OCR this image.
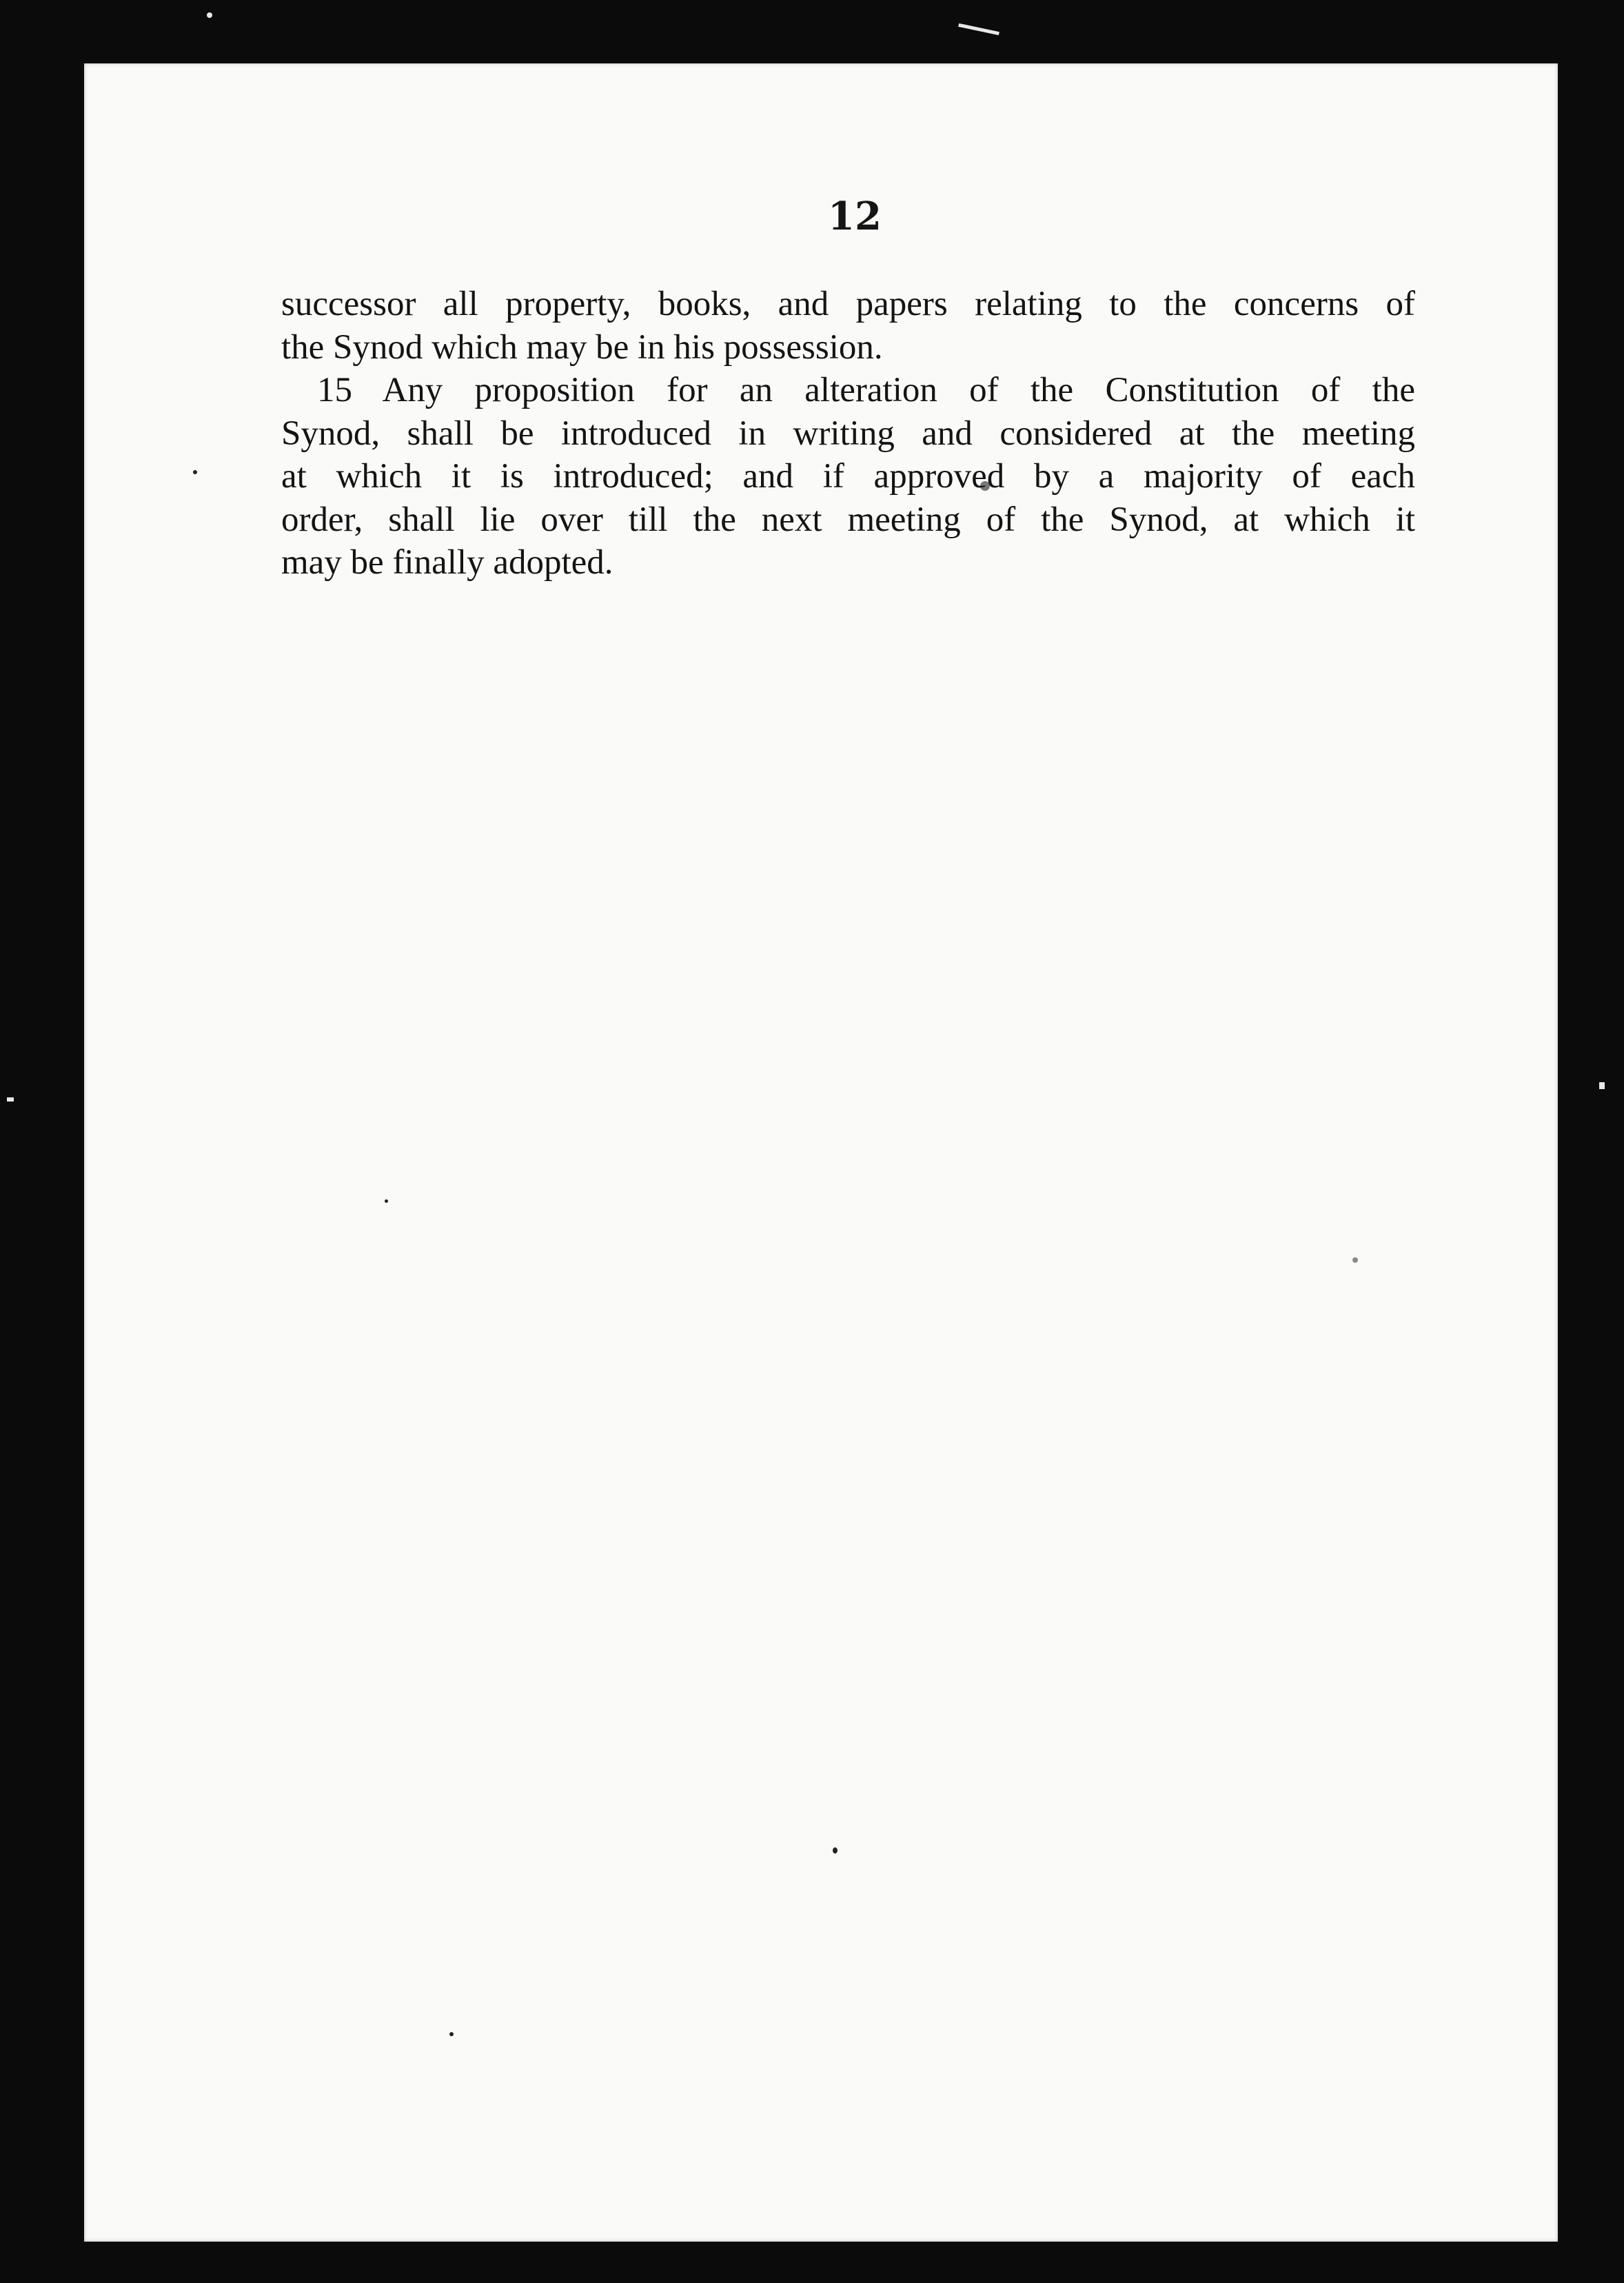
12
successor all property, books, and papers relating to the concerns of
the Synod which may be in his possession.
15 Any proposition for an alteration of the Constitution of the
Synod, shall be introduced in writing and considered at the meeting
at which it is introduced; and if approved by a majority of each
order, shall lie over till the next meeting of the Synod, at which it
may be finally adopted.
